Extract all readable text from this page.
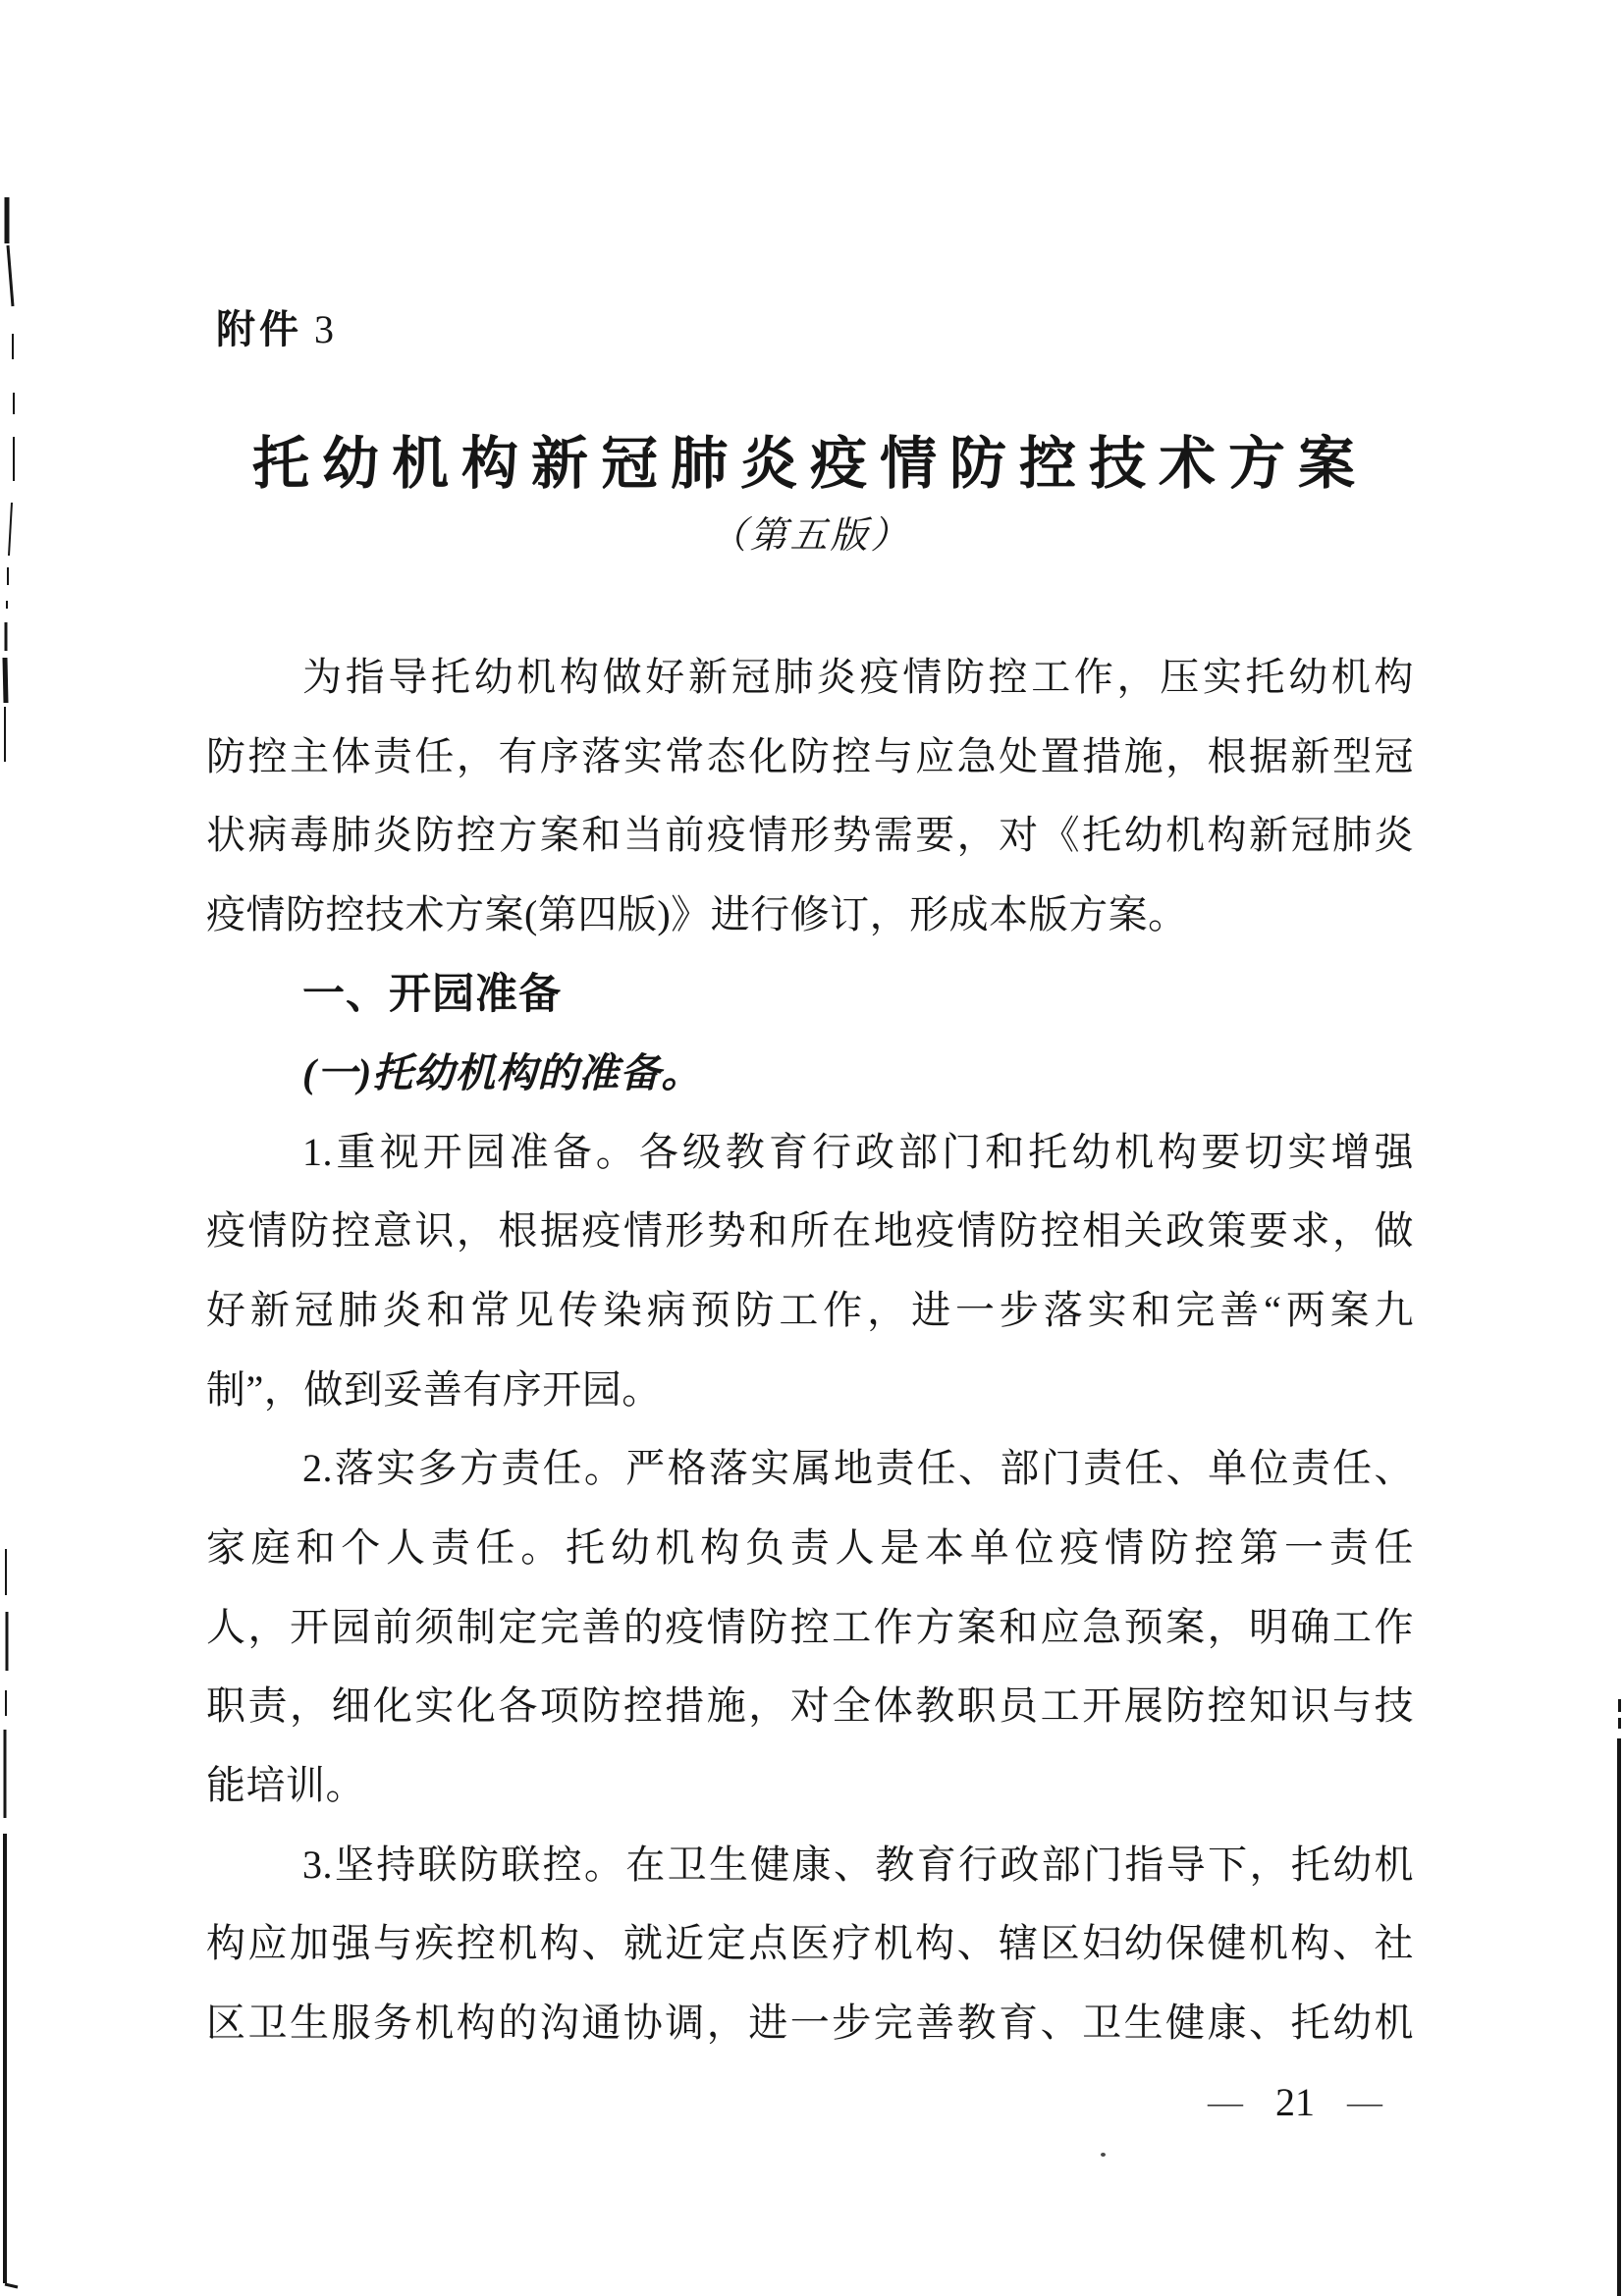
附件 3
托幼机构新冠肺炎疫情防控技术方案
（第五版）
为指导托幼机构做好新冠肺炎疫情防控工作，压实托幼机构
防控主体责任，有序落实常态化防控与应急处置措施，根据新型冠
状病毒肺炎防控方案和当前疫情形势需要，对《托幼机构新冠肺炎
疫情防控技术方案(第四版)》进行修订，形成本版方案。
一、开园准备
(一)托幼机构的准备。
1.重视开园准备。各级教育行政部门和托幼机构要切实增强
疫情防控意识，根据疫情形势和所在地疫情防控相关政策要求，做
好新冠肺炎和常见传染病预防工作，进一步落实和完善“两案九
制”，做到妥善有序开园。
2.落实多方责任。严格落实属地责任、部门责任、单位责任、
家庭和个人责任。托幼机构负责人是本单位疫情防控第一责任
人，开园前须制定完善的疫情防控工作方案和应急预案，明确工作
职责，细化实化各项防控措施，对全体教职员工开展防控知识与技
能培训。
3.坚持联防联控。在卫生健康、教育行政部门指导下，托幼机
构应加强与疾控机构、就近定点医疗机构、辖区妇幼保健机构、社
区卫生服务机构的沟通协调，进一步完善教育、卫生健康、托幼机
— 21 —
